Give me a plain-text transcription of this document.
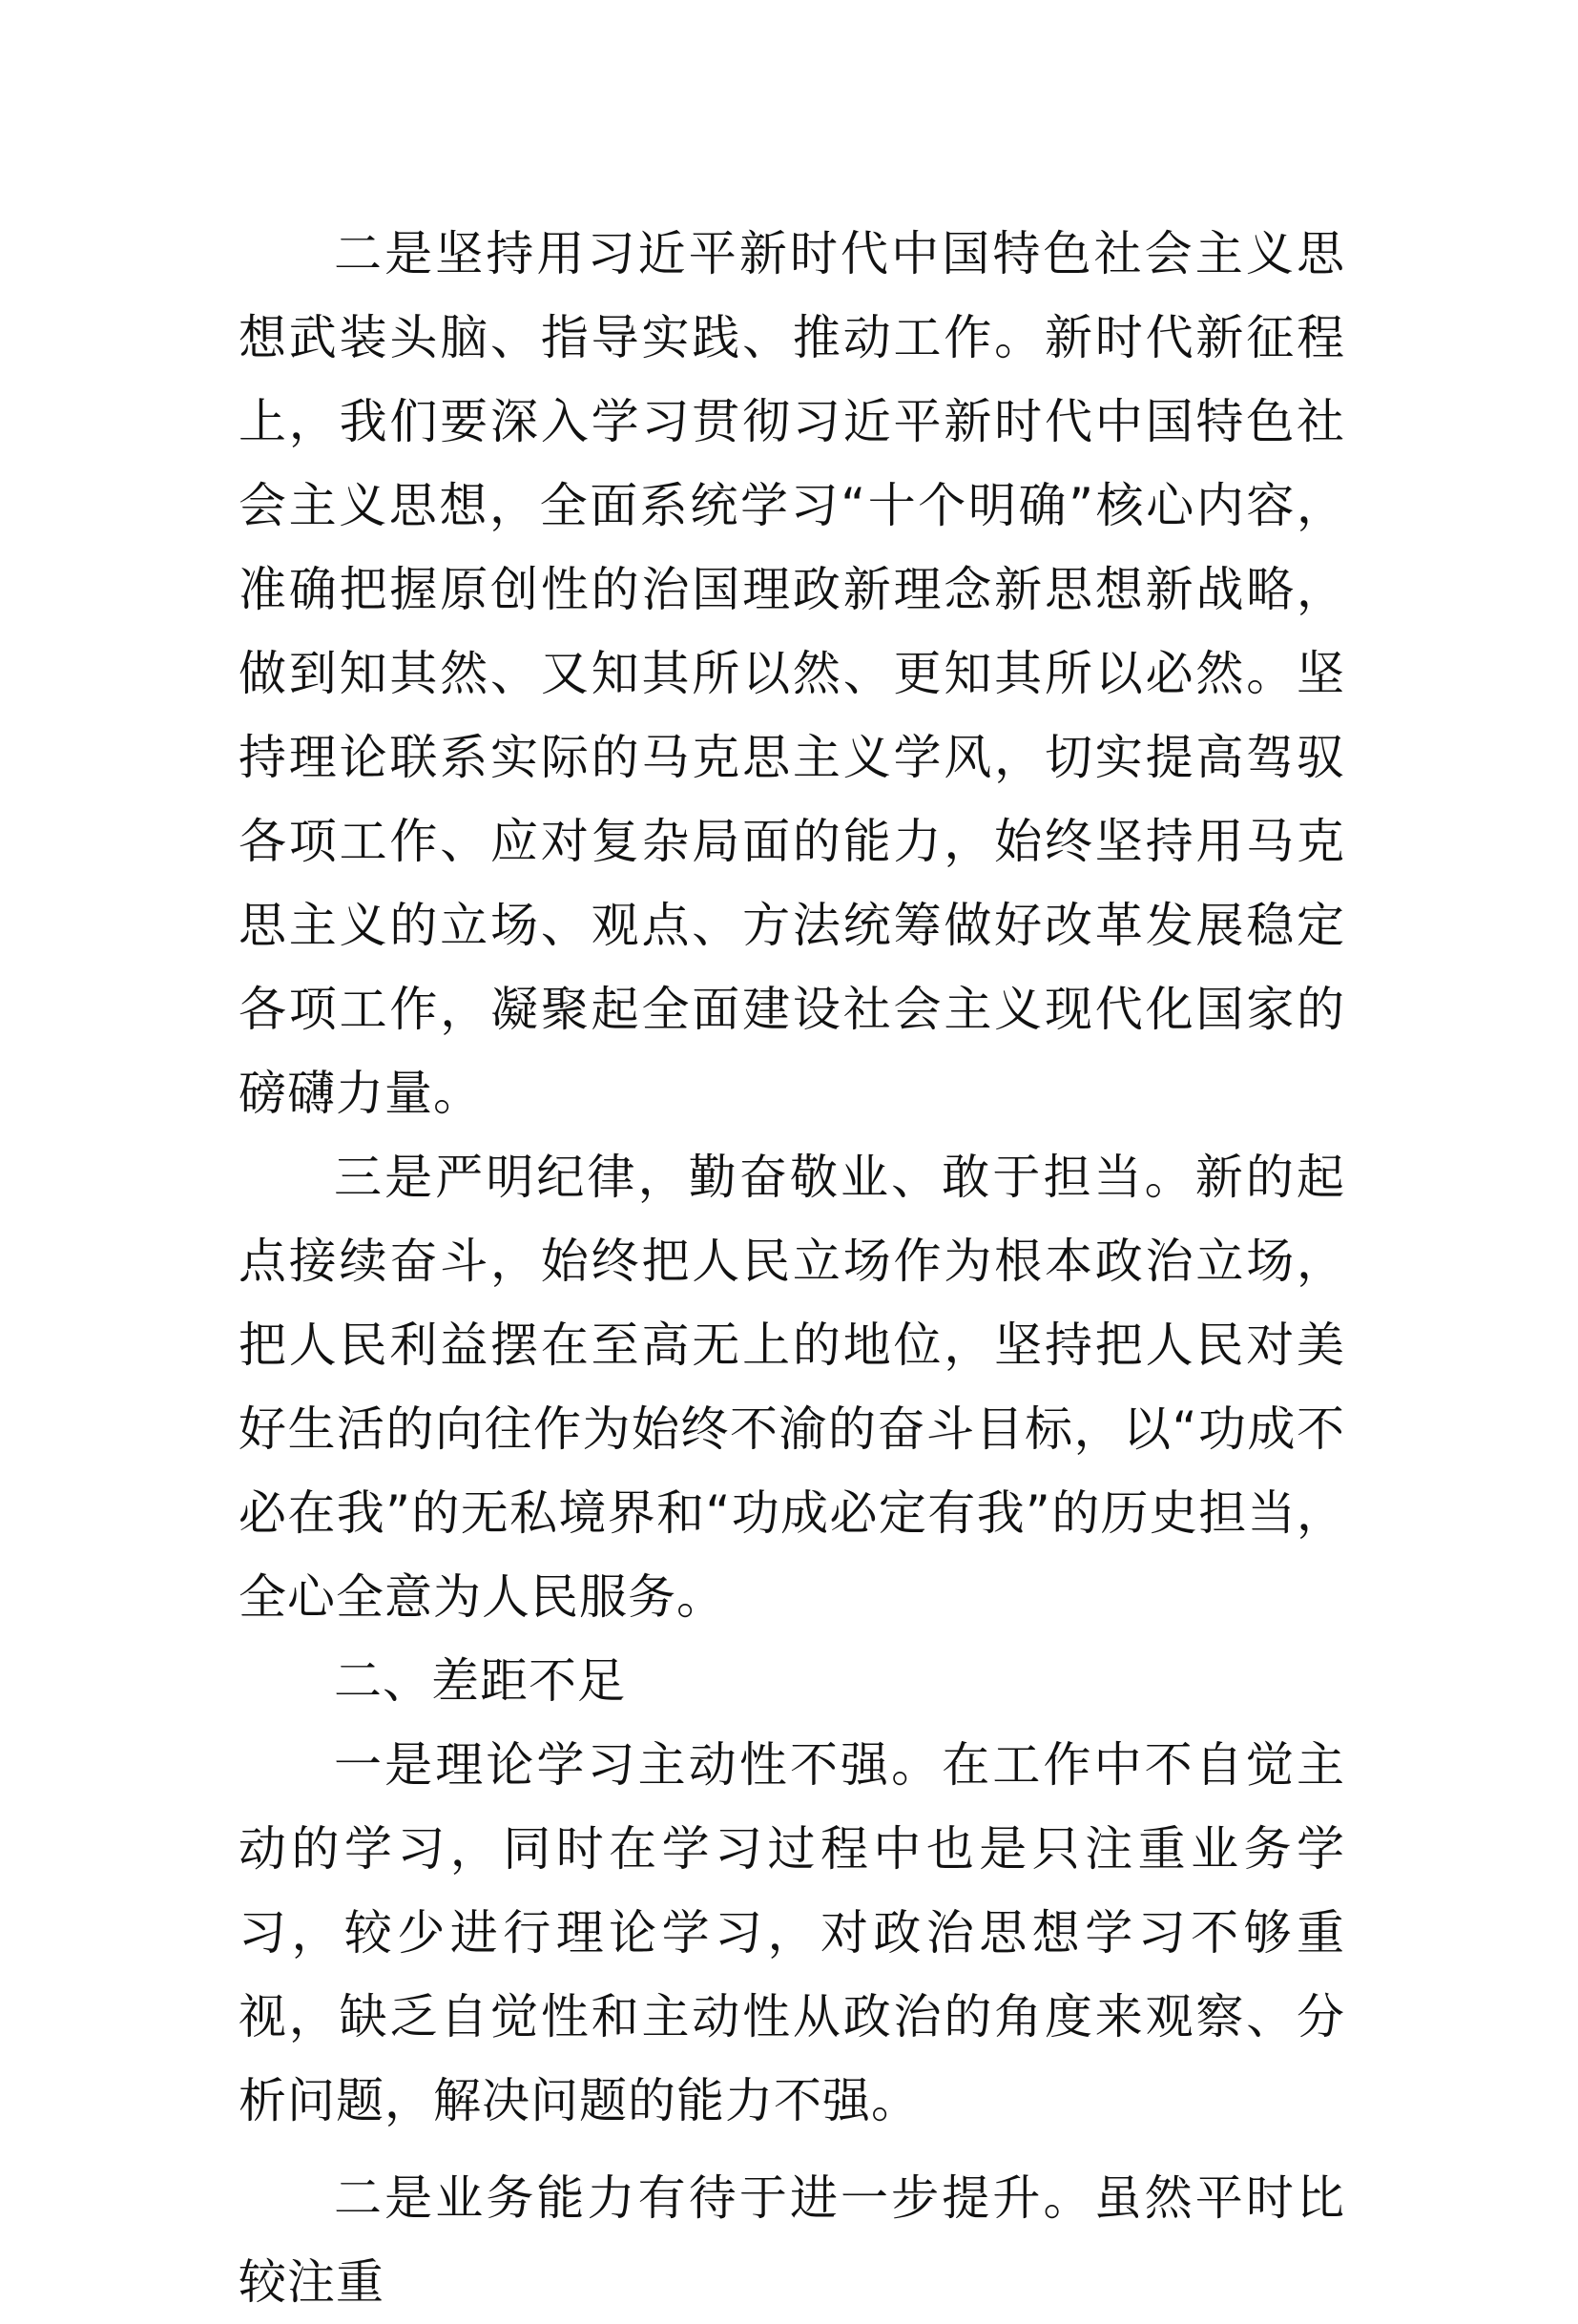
二是坚持用习近平新时代中国特色社会主义思想武装头脑、指导实践、推动工作。新时代新征程上，我们要深入学习贯彻习近平新时代中国特色社会主义思想，全面系统学习“十个明确”核心内容，准确把握原创性的治国理政新理念新思想新战略，做到知其然、又知其所以然、更知其所以必然。坚持理论联系实际的马克思主义学风，切实提高驾驭各项工作、应对复杂局面的能力，始终坚持用马克思主义的立场、观点、方法统筹做好改革发展稳定各项工作，凝聚起全面建设社会主义现代化国家的磅礴力量。

三是严明纪律，勤奋敬业、敢于担当。新的起点接续奋斗，始终把人民立场作为根本政治立场，把人民利益摆在至高无上的地位，坚持把人民对美好生活的向往作为始终不渝的奋斗目标，以“功成不必在我”的无私境界和“功成必定有我”的历史担当，全心全意为人民服务。

二、差距不足

一是理论学习主动性不强。在工作中不自觉主动的学习，同时在学习过程中也是只注重业务学习，较少进行理论学习，对政治思想学习不够重视，缺乏自觉性和主动性从政治的角度来观察、分析问题，解决问题的能力不强。

二是业务能力有待于进一步提升。虽然平时比较注重
